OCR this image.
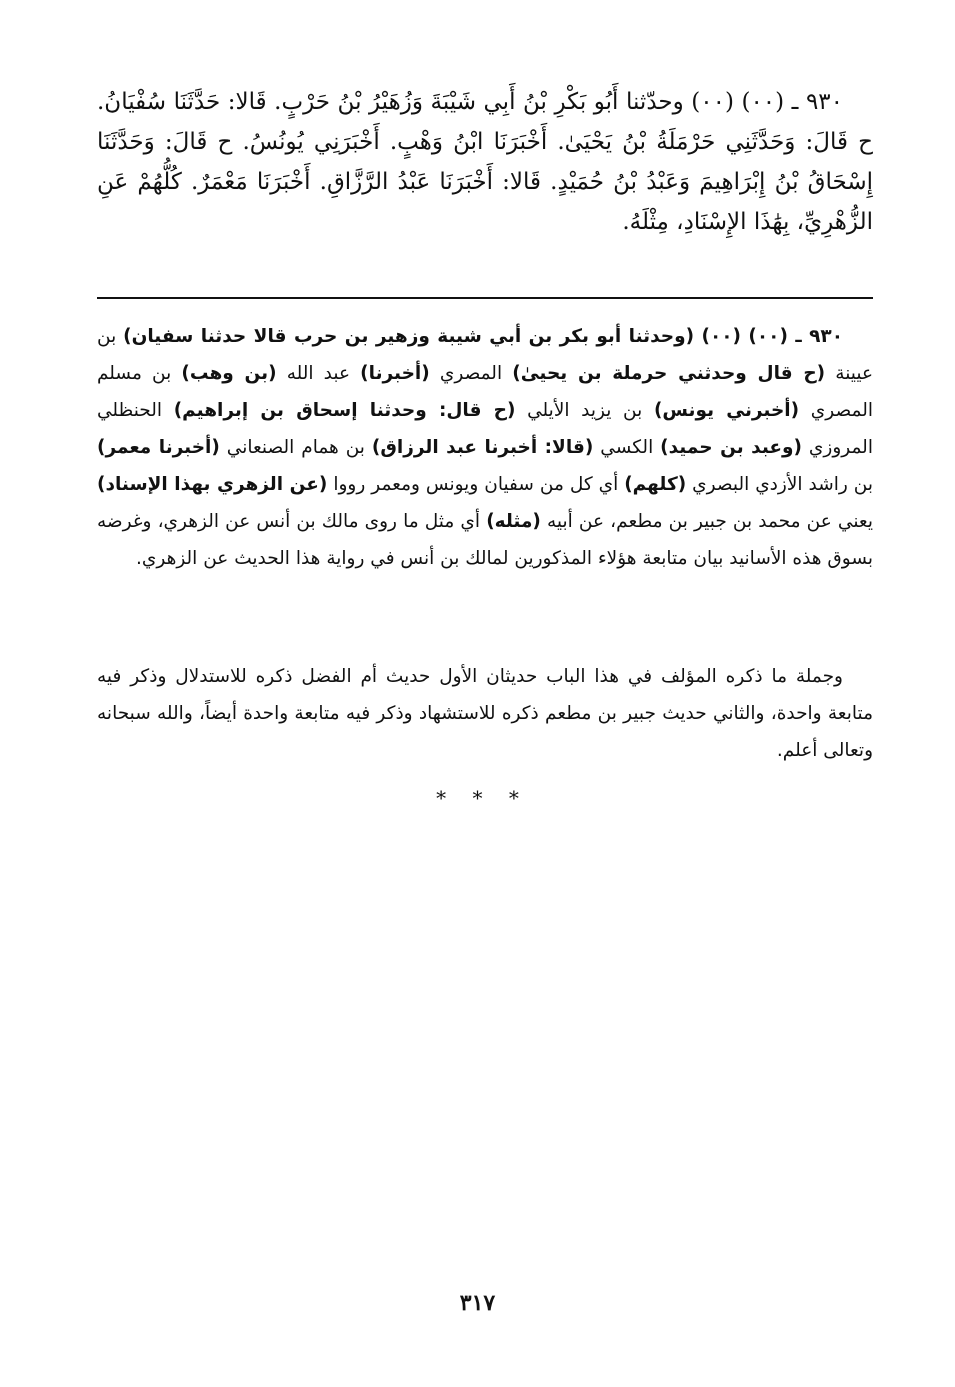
٩٣٠ ـ (٠٠) (٠٠) وحدّثنا أَبُو بَكْرِ بْنُ أَبِي شَيْبَةَ وَزُهَيْرُ بْنُ حَرْبٍ. قَالا: حَدَّثَنَا سُفْيَانُ. ح قَالَ: وَحَدَّثَنِي حَرْمَلَةُ بْنُ يَحْيَىٰ. أَخْبَرَنَا ابْنُ وَهْبٍ. أَخْبَرَنِي يُونُسُ. ح قَالَ: وَحَدَّثَنَا إِسْحَاقُ بْنُ إِبْرَاهِيمَ وَعَبْدُ بْنُ حُمَيْدٍ. قَالا: أَخْبَرَنَا عَبْدُ الرَّزَّاقِ. أَخْبَرَنَا مَعْمَرٌ. كُلُّهُمْ عَنِ الزُّهْرِيِّ، بِهَٰذَا الإِسْنَادِ، مِثْلَهُ.
٩٣٠ ـ (٠٠) (٠٠) (وحدثنا أبو بكر بن أبي شيبة وزهير بن حرب قالا حدثنا سفيان) بن عيينة (ح قال وحدثني حرملة بن يحيىٰ) المصري (أخبرنا) عبد الله (بن وهب) بن مسلم المصري (أخبرني يونس) بن يزيد الأيلي (ح قال: وحدثنا إسحاق بن إبراهيم) الحنظلي المروزي (وعبد بن حميد) الكسي (قالا: أخبرنا عبد الرزاق) بن همام الصنعاني (أخبرنا معمر) بن راشد الأزدي البصري (كلهم) أي كل من سفيان ويونس ومعمر رووا (عن الزهري بهذا الإسناد) يعني عن محمد بن جبير بن مطعم، عن أبيه (مثله) أي مثل ما روى مالك بن أنس عن الزهري، وغرضه بسوق هذه الأسانيد بيان متابعة هؤلاء المذكورين لمالك بن أنس في رواية هذا الحديث عن الزهري.
وجملة ما ذكره المؤلف في هذا الباب حديثان الأول حديث أم الفضل ذكره للاستدلال وذكر فيه متابعة واحدة، والثاني حديث جبير بن مطعم ذكره للاستشهاد وذكر فيه متابعة واحدة أيضاً، والله سبحانه وتعالى أعلم.
* * *
٣١٧
